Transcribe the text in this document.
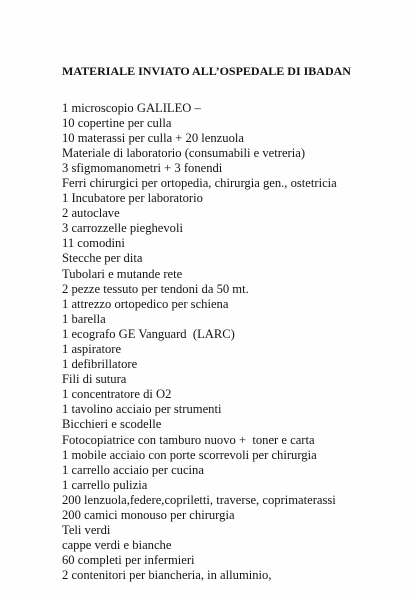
MATERIALE INVIATO ALL’OSPEDALE DI IBADAN
1 microscopio GALILEO –
10 copertine per culla
10 materassi per culla + 20 lenzuola
Materiale di laboratorio (consumabili e vetreria)
3 sfigmomanometri + 3 fonendi
Ferri chirurgici per ortopedia, chirurgia gen., ostetricia
1 Incubatore per laboratorio
2 autoclave
3 carrozzelle pieghevoli
11 comodini
Stecche per dita
Tubolari e mutande rete
2 pezze tessuto per tendoni da 50 mt.
1 attrezzo ortopedico per schiena
1 barella
1 ecografo GE Vanguard  (LARC)
1 aspiratore
1 defibrillatore
Fili di sutura
1 concentratore di O2
1 tavolino acciaio per strumenti
Bicchieri e scodelle
Fotocopiatrice con tamburo nuovo +  toner e carta
1 mobile acciaio con porte scorrevoli per chirurgia
1 carrello acciaio per cucina
1 carrello pulizia
200 lenzuola,federe,copriletti, traverse, coprimaterassi
200 camici monouso per chirurgia
Teli verdi
cappe verdi e bianche
60 completi per infermieri
2 contenitori per biancheria, in alluminio,
